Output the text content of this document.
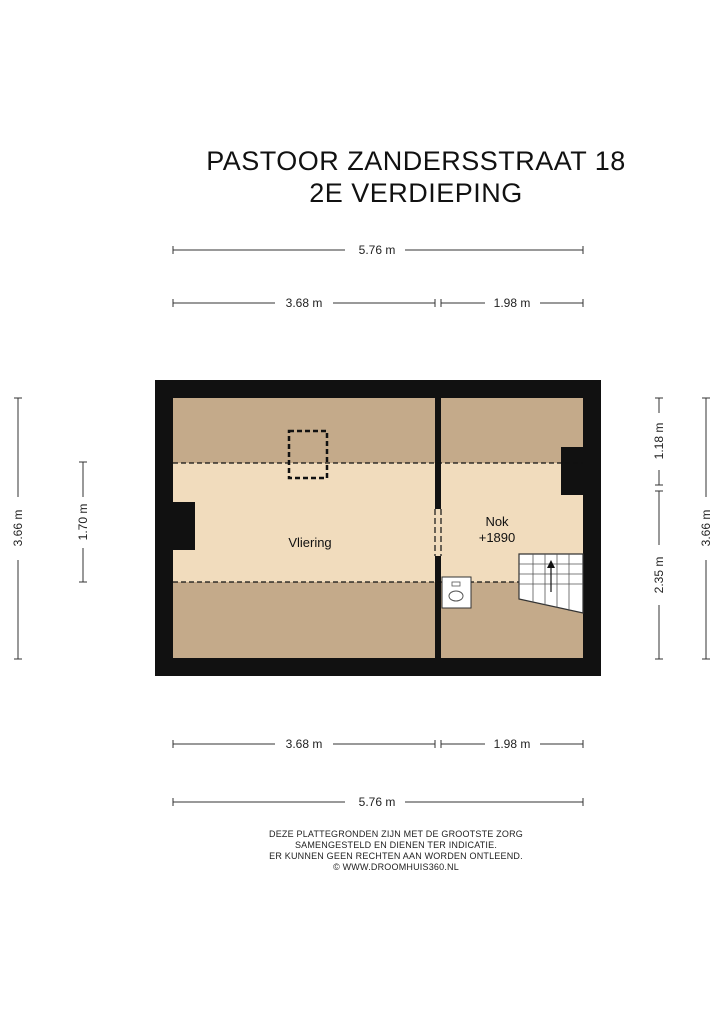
PASTOOR ZANDERSSTRAAT 18
2E VERDIEPING
5.76 m
3.68 m	1.98 m
3.66 m	1.70 m
1.18 m
2.35 m
3.66 m
Vliering
Nok
+1890
3.68 m	1.98 m
5.76 m
DEZE PLATTEGRONDEN ZIJN MET DE GROOTSTE ZORG
SAMENGESTELD EN DIENEN TER INDICATIE.
ER KUNNEN GEEN RECHTEN AAN WORDEN ONTLEEND.
© WWW.DROOMHUIS360.NL
